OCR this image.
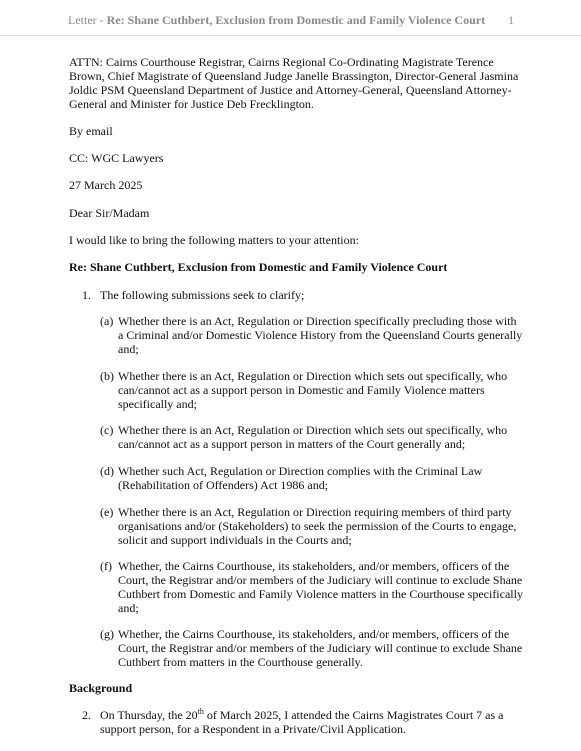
Letter - Re: Shane Cuthbert, Exclusion from Domestic and Family Violence Court	1
ATTN: Cairns Courthouse Registrar, Cairns Regional Co-Ordinating Magistrate Terence Brown, Chief Magistrate of Queensland Judge Janelle Brassington, Director-General Jasmina Joldic PSM Queensland Department of Justice and Attorney-General, Queensland Attorney-General and Minister for Justice Deb Frecklington.
By email
CC: WGC Lawyers
27 March 2025
Dear Sir/Madam
I would like to bring the following matters to your attention:
Re: Shane Cuthbert, Exclusion from Domestic and Family Violence Court
1. The following submissions seek to clarify;
(a) Whether there is an Act, Regulation or Direction specifically precluding those with a Criminal and/or Domestic Violence History from the Queensland Courts generally and;
(b) Whether there is an Act, Regulation or Direction which sets out specifically, who can/cannot act as a support person in Domestic and Family Violence matters specifically and;
(c) Whether there is an Act, Regulation or Direction which sets out specifically, who can/cannot act as a support person in matters of the Court generally and;
(d) Whether such Act, Regulation or Direction complies with the Criminal Law (Rehabilitation of Offenders) Act 1986 and;
(e) Whether there is an Act, Regulation or Direction requiring members of third party organisations and/or (Stakeholders) to seek the permission of the Courts to engage, solicit and support individuals in the Courts and;
(f) Whether, the Cairns Courthouse, its stakeholders, and/or members, officers of the Court, the Registrar and/or members of the Judiciary will continue to exclude Shane Cuthbert from Domestic and Family Violence matters in the Courthouse specifically and;
(g) Whether, the Cairns Courthouse, its stakeholders, and/or members, officers of the Court, the Registrar and/or members of the Judiciary will continue to exclude Shane Cuthbert from matters in the Courthouse generally.
Background
2. On Thursday, the 20th of March 2025, I attended the Cairns Magistrates Court 7 as a support person, for a Respondent in a Private/Civil Application.
